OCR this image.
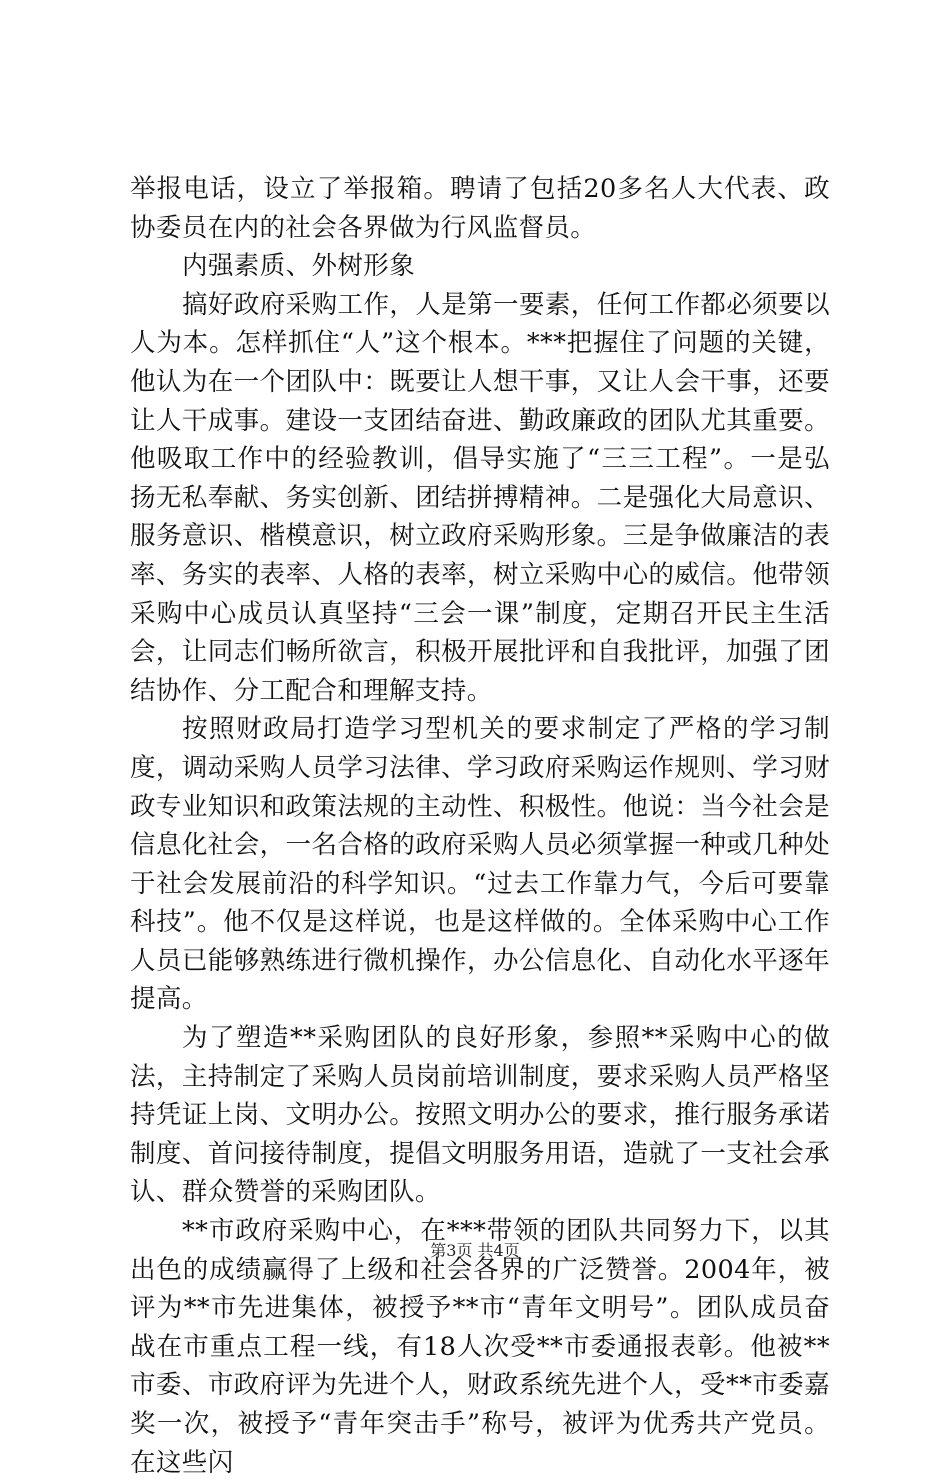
举报电话，设立了举报箱。聘请了包括20多名人大代表、政协委员在内的社会各界做为行风监督员。

内强素质、外树形象

搞好政府采购工作，人是第一要素，任何工作都必须要以人为本。怎样抓住“人”这个根本。***把握住了问题的关键，他认为在一个团队中：既要让人想干事，又让人会干事，还要让人干成事。建设一支团结奋进、勤政廉政的团队尤其重要。他吸取工作中的经验教训，倡导实施了“三三工程”。一是弘扬无私奉献、务实创新、团结拼搏精神。二是强化大局意识、服务意识、楷模意识，树立政府采购形象。三是争做廉洁的表率、务实的表率、人格的表率，树立采购中心的威信。他带领采购中心成员认真坚持“三会一课”制度，定期召开民主生活会，让同志们畅所欲言，积极开展批评和自我批评，加强了团结协作、分工配合和理解支持。

按照财政局打造学习型机关的要求制定了严格的学习制度，调动采购人员学习法律、学习政府采购运作规则、学习财政专业知识和政策法规的主动性、积极性。他说：当今社会是信息化社会，一名合格的政府采购人员必须掌握一种或几种处于社会发展前沿的科学知识。“过去工作靠力气，今后可要靠科技”。他不仅是这样说，也是这样做的。全体采购中心工作人员已能够熟练进行微机操作，办公信息化、自动化水平逐年提高。

为了塑造**采购团队的良好形象，参照**采购中心的做法，主持制定了采购人员岗前培训制度，要求采购人员严格坚持凭证上岗、文明办公。按照文明办公的要求，推行服务承诺制度、首问接待制度，提倡文明服务用语，造就了一支社会承认、群众赞誉的采购团队。

**市政府采购中心，在***带领的团队共同努力下，以其出色的成绩赢得了上级和社会各界的广泛赞誉。2004年，被评为**市先进集体，被授予**市“青年文明号”。团队成员奋战在市重点工程一线，有18人次受**市委通报表彰。他被**市委、市政府评为先进个人，财政系统先进个人，受**市委嘉奖一次，被授予“青年突击手”称号，被评为优秀共产党员。在这些闪

第3页 共4页
